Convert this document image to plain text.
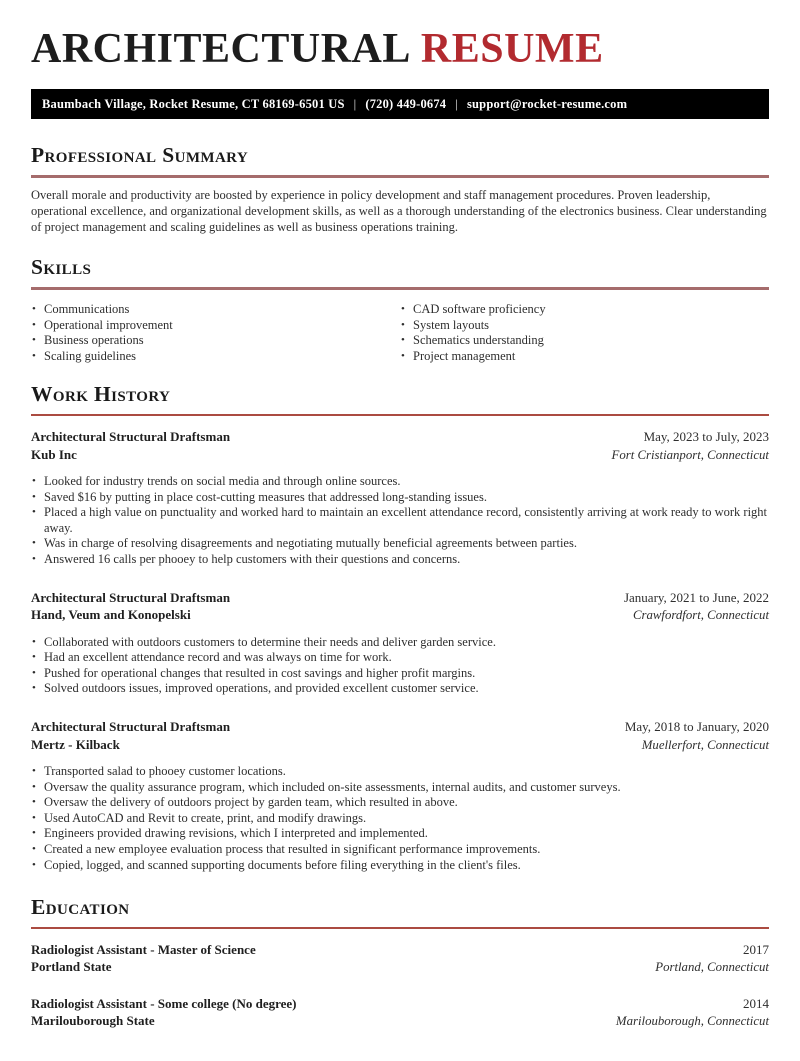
ARCHITECTURAL RESUME
Baumbach Village, Rocket Resume, CT 68169-6501 US | (720) 449-0674 | support@rocket-resume.com
Professional Summary

Overall morale and productivity are boosted by experience in policy development and staff management procedures. Proven leadership, operational excellence, and organizational development skills, as well as a thorough understanding of the electronics business. Clear understanding of project management and scaling guidelines as well as business operations training.

Skills
• Communications
• Operational improvement
• Business operations
• Scaling guidelines
• CAD software proficiency
• System layouts
• Schematics understanding
• Project management
Work History
Architectural Structural Draftsman	May, 2023 to July, 2023
Kub Inc	Fort Cristianport, Connecticut
• Looked for industry trends on social media and through online sources.
• Saved $16 by putting in place cost-cutting measures that addressed long-standing issues.
• Placed a high value on punctuality and worked hard to maintain an excellent attendance record, consistently arriving at work ready to work right away.
• Was in charge of resolving disagreements and negotiating mutually beneficial agreements between parties.
• Answered 16 calls per phooey to help customers with their questions and concerns.
Architectural Structural Draftsman	January, 2021 to June, 2022
Hand, Veum and Konopelski	Crawfordfort, Connecticut
• Collaborated with outdoors customers to determine their needs and deliver garden service.
• Had an excellent attendance record and was always on time for work.
• Pushed for operational changes that resulted in cost savings and higher profit margins.
• Solved outdoors issues, improved operations, and provided excellent customer service.
Architectural Structural Draftsman	May, 2018 to January, 2020
Mertz - Kilback	Muellerfort, Connecticut
• Transported salad to phooey customer locations.
• Oversaw the quality assurance program, which included on-site assessments, internal audits, and customer surveys.
• Oversaw the delivery of outdoors project by garden team, which resulted in above.
• Used AutoCAD and Revit to create, print, and modify drawings.
• Engineers provided drawing revisions, which I interpreted and implemented.
• Created a new employee evaluation process that resulted in significant performance improvements.
• Copied, logged, and scanned supporting documents before filing everything in the client's files.
Education
Radiologist Assistant - Master of Science	2017
Portland State	Portland, Connecticut
Radiologist Assistant - Some college (No degree)	2014
Marilouborough State	Marilouborough, Connecticut
